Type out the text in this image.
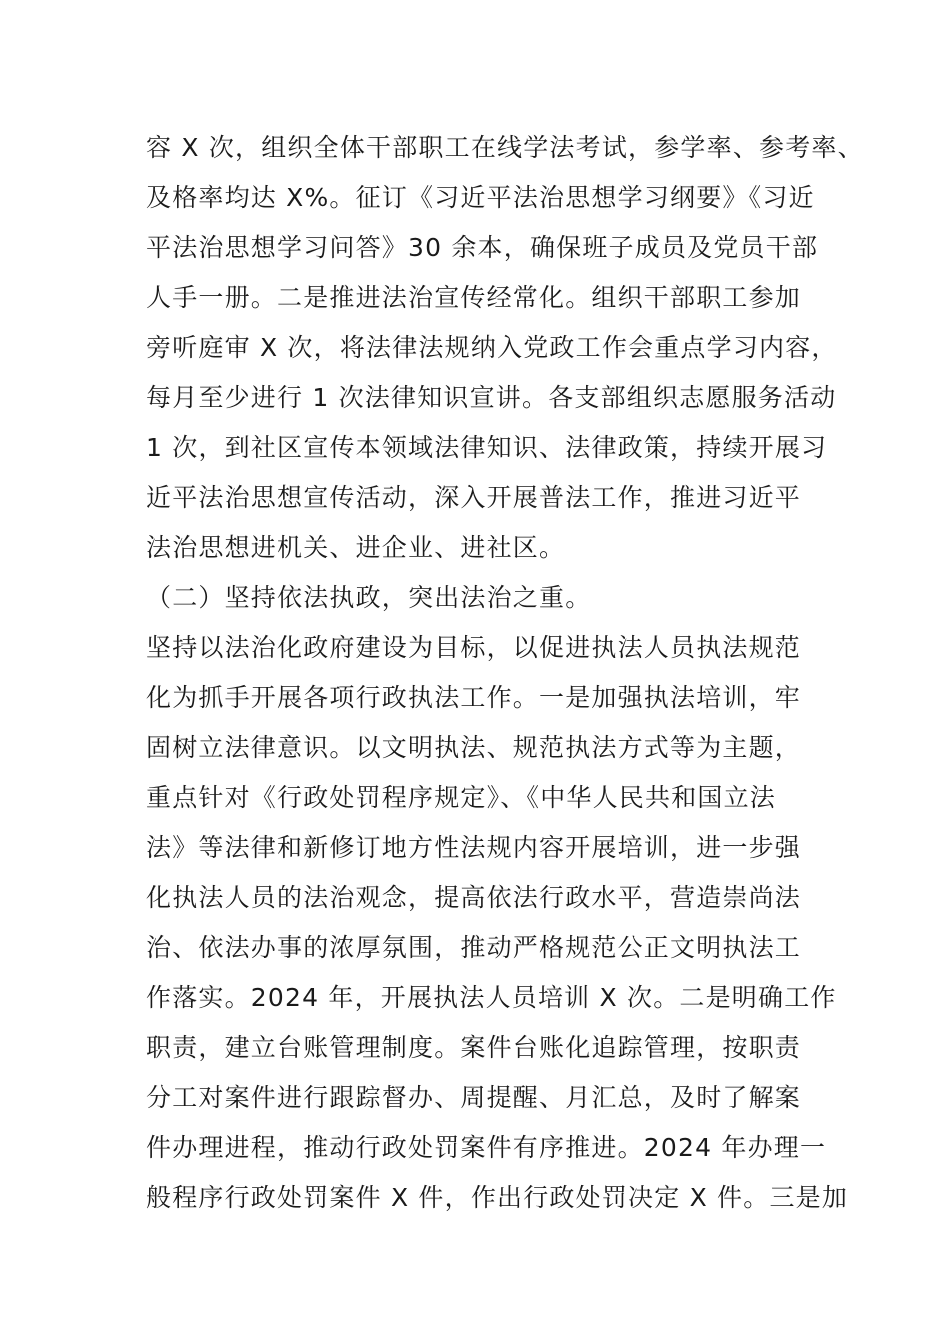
容 X 次，组织全体干部职工在线学法考试，参学率、参考率、
及格率均达 X%。征订《习近平法治思想学习纲要》《习近
平法治思想学习问答》30 余本，确保班子成员及党员干部
人手一册。二是推进法治宣传经常化。组织干部职工参加
旁听庭审 X 次，将法律法规纳入党政工作会重点学习内容，
每月至少进行 1 次法律知识宣讲。各支部组织志愿服务活动
1 次，到社区宣传本领域法律知识、法律政策，持续开展习
近平法治思想宣传活动，深入开展普法工作，推进习近平
法治思想进机关、进企业、进社区。
（二）坚持依法执政，突出法治之重。
坚持以法治化政府建设为目标，以促进执法人员执法规范
化为抓手开展各项行政执法工作。一是加强执法培训，牢
固树立法律意识。以文明执法、规范执法方式等为主题，
重点针对《行政处罚程序规定》、《中华人民共和国立法
法》等法律和新修订地方性法规内容开展培训，进一步强
化执法人员的法治观念，提高依法行政水平，营造崇尚法
治、依法办事的浓厚氛围，推动严格规范公正文明执法工
作落实。2024 年，开展执法人员培训 X 次。二是明确工作
职责，建立台账管理制度。案件台账化追踪管理，按职责
分工对案件进行跟踪督办、周提醒、月汇总，及时了解案
件办理进程，推动行政处罚案件有序推进。2024 年办理一
般程序行政处罚案件 X 件，作出行政处罚决定 X 件。三是加
